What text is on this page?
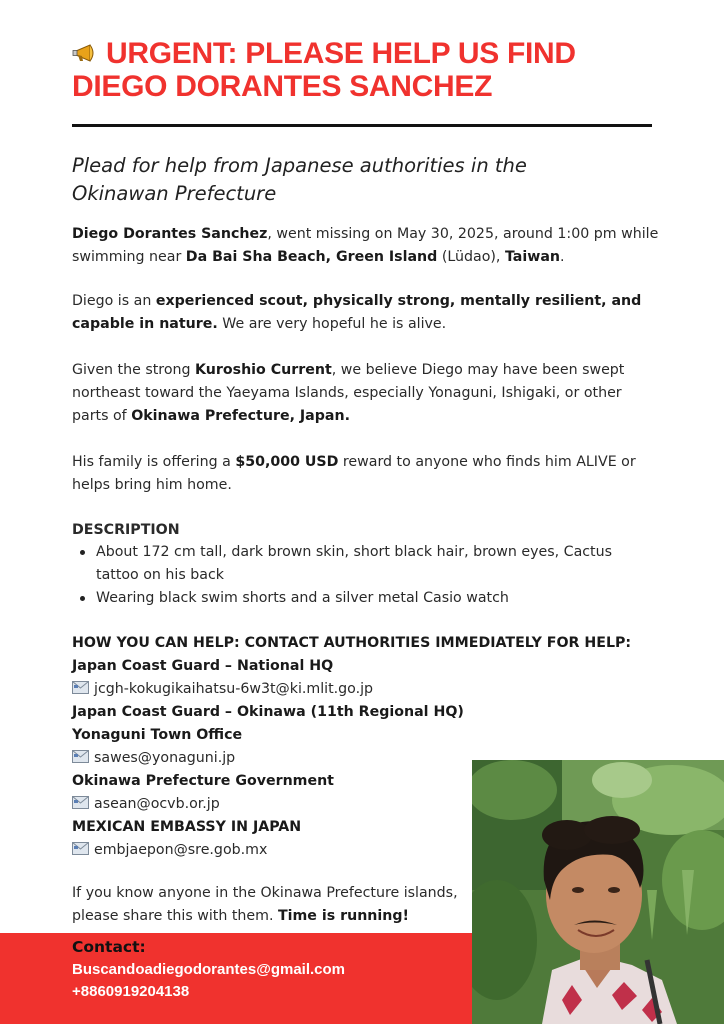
URGENT: PLEASE HELP US FIND DIEGO DORANTES SANCHEZ
Plead for help from Japanese authorities in the Okinawan Prefecture
Diego Dorantes Sanchez, went missing on May 30, 2025, around 1:00 pm while swimming near Da Bai Sha Beach, Green Island (Lüdao), Taiwan.
Diego is an experienced scout, physically strong, mentally resilient, and capable in nature. We are very hopeful he is alive.
Given the strong Kuroshio Current, we believe Diego may have been swept northeast toward the Yaeyama Islands, especially Yonaguni, Ishigaki, or other parts of Okinawa Prefecture, Japan.
His family is offering a $50,000 USD reward to anyone who finds him ALIVE or helps bring him home.
DESCRIPTION
About 172 cm tall, dark brown skin, short black hair, brown eyes, Cactus tattoo on his back
Wearing black swim shorts and a silver metal Casio watch
HOW YOU CAN HELP: CONTACT AUTHORITIES IMMEDIATELY FOR HELP:
Japan Coast Guard – National HQ
jcgh-kokugikaihatsu-6w3t@ki.mlit.go.jp
Japan Coast Guard – Okinawa (11th Regional HQ)
Yonaguni Town Office
sawes@yonaguni.jp
Okinawa Prefecture Government
asean@ocvb.or.jp
MEXICAN EMBASSY IN JAPAN
embjaepon@sre.gob.mx
If you know anyone in the Okinawa Prefecture islands, please share this with them. Time is running!
Contact:
Buscandoadiegodorantes@gmail.com
+8860919204138
